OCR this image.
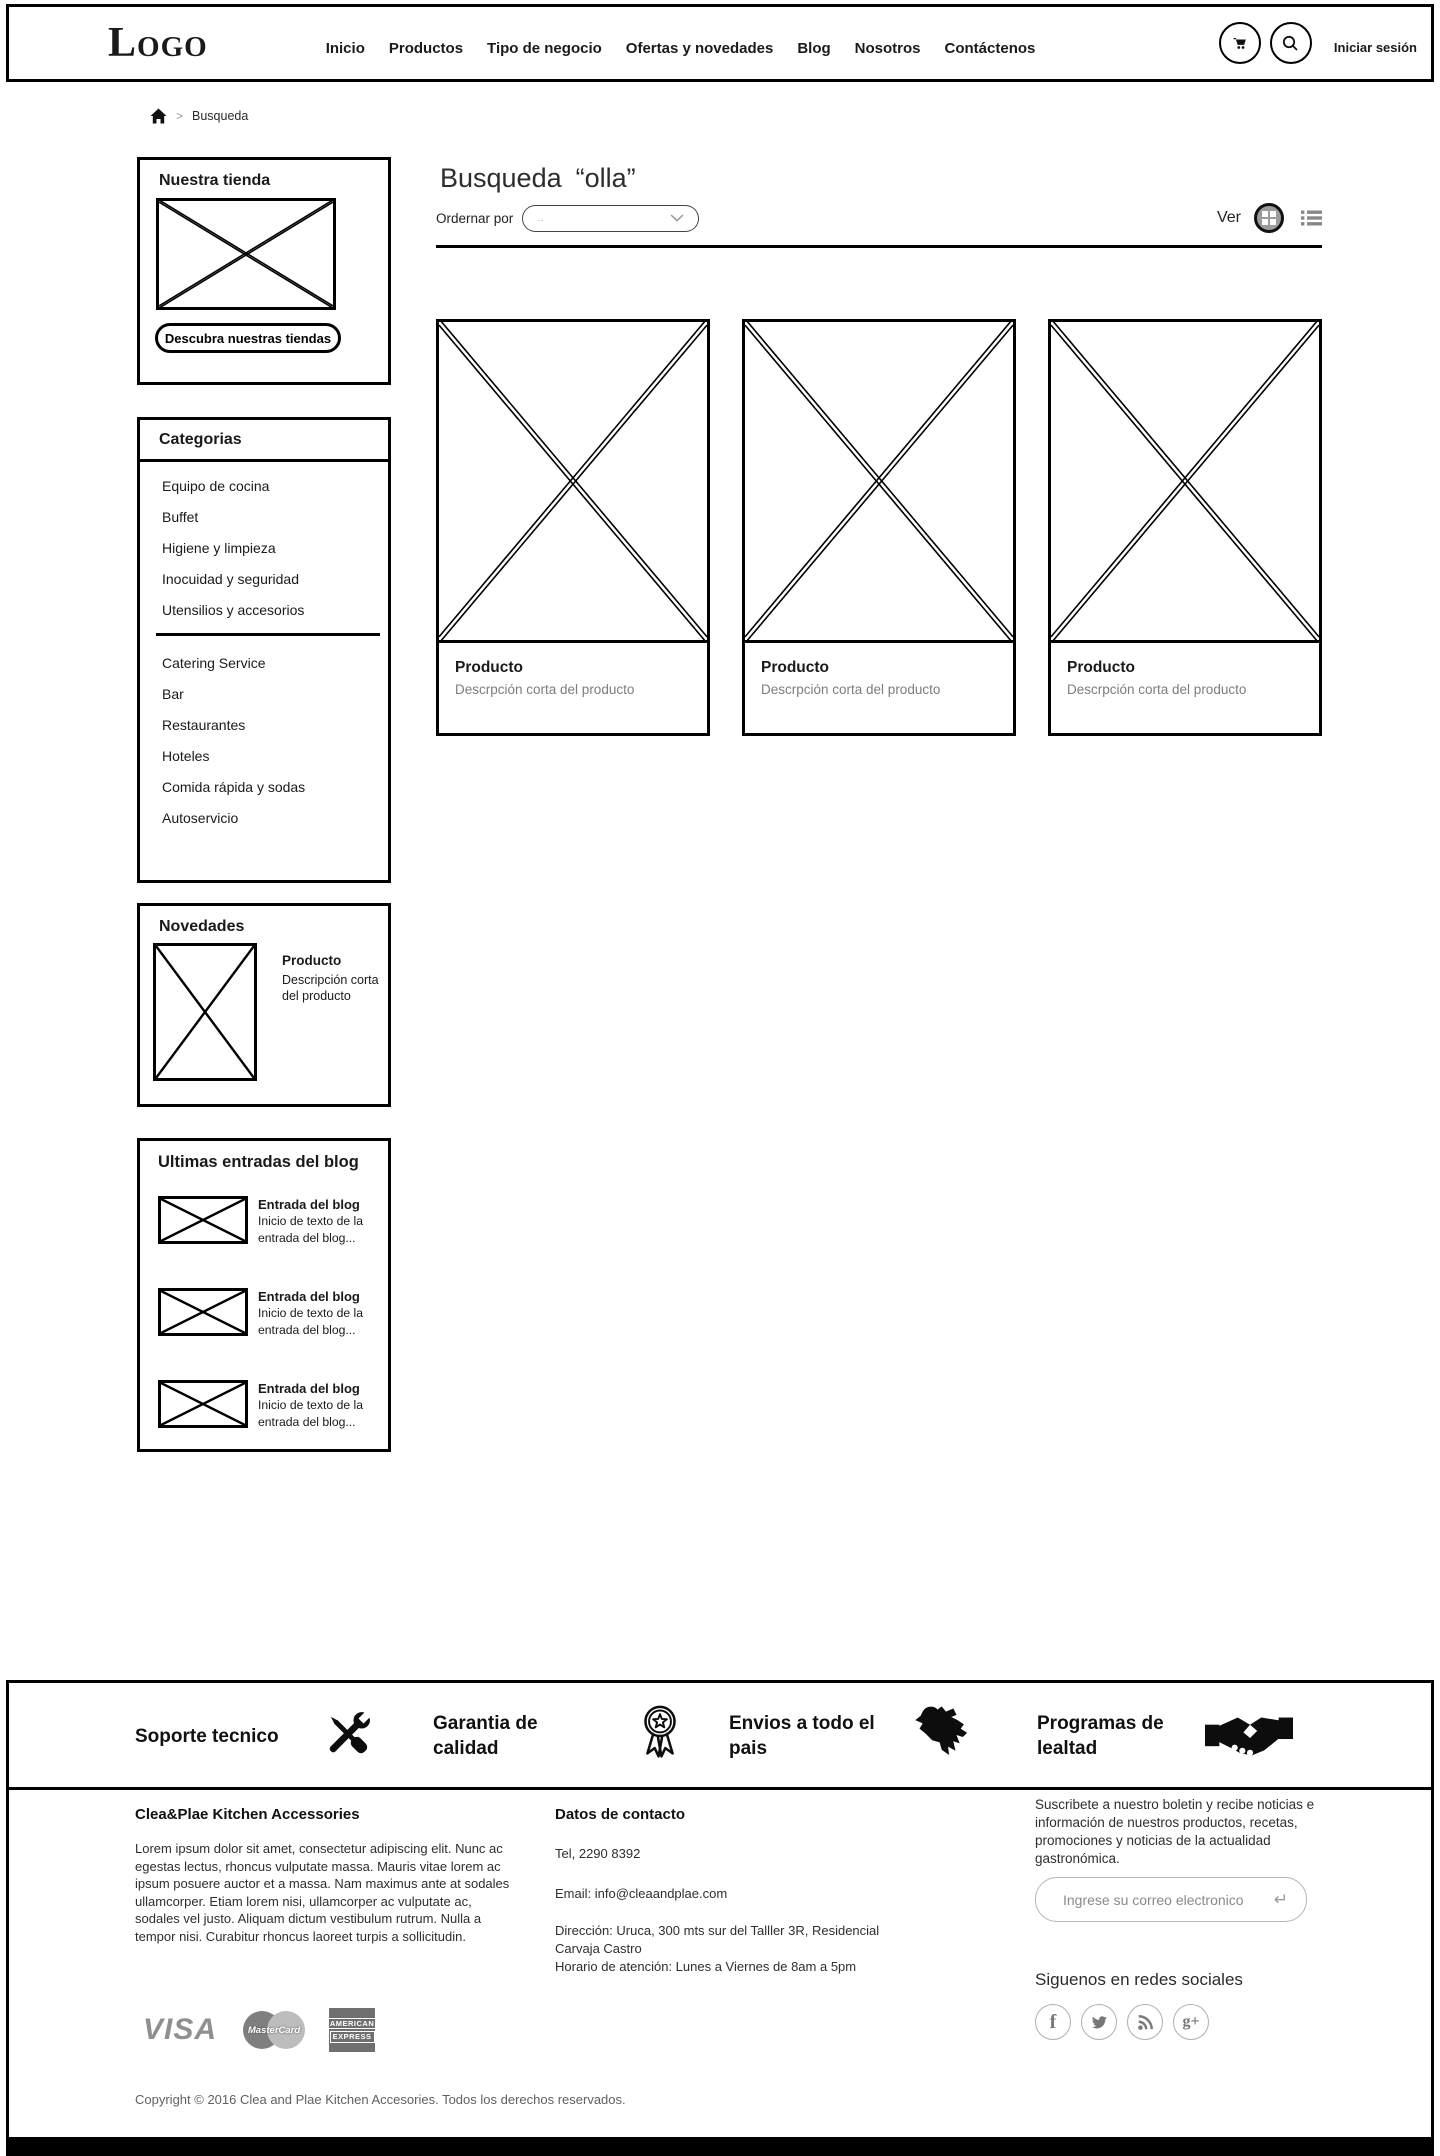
Logo	Inicio Productos Tipo de negocio Ofertas y novedades Blog Nosotros Contáctenos	Iniciar sesión
> Busqueda
Nuestra tienda
Descubra nuestras tiendas
Categorias
Equipo de cocina
Buffet
Higiene y limpieza
Inocuidad y seguridad
Utensilios y accesorios
Catering Service
Bar
Restaurantes
Hoteles
Comida rápida y sodas
Autoservicio
Novedades
Producto

Descripción corta del producto

Ultimas entradas del blog
Entrada del blog

Inicio de texto de la entrada del blog...

Entrada del blog

Inicio de texto de la entrada del blog...

Entrada del blog

Inicio de texto de la entrada del blog...

Busqueda “olla”
Ordernar por ..	Ver
Producto

Descrpción corta del producto

Producto

Descrpción corta del producto

Producto

Descrpción corta del producto

Soporte tecnico
Garantia de calidad
Envios a todo el pais
Programas de lealtad
Clea&Plae Kitchen Accessories

Lorem ipsum dolor sit amet, consectetur adipiscing elit. Nunc ac egestas lectus, rhoncus vulputate massa. Mauris vitae lorem ac ipsum posuere auctor et a massa. Nam maximus ante at sodales ullamcorper. Etiam lorem nisi, ullamcorper ac vulputate ac, sodales vel justo. Aliquam dictum vestibulum rutrum. Nulla a tempor nisi. Curabitur rhoncus laoreet turpis a sollicitudin.

Datos de contacto

Tel, 2290 8392

Email: info@cleaandplae.com

Dirección: Uruca, 300 mts sur del Talller 3R, Residencial Carvaja Castro

Horario de atención: Lunes a Viernes de 8am a 5pm

Suscribete a nuestro boletin y recibe noticias e información de nuestros productos, recetas, promociones y noticias de la actualidad gastronómica.

Ingrese su correo electronico
↵
Siguenos en redes sociales
f	g+
VISA	MasterCard
AMERICAN
EXPRESS
Copyright © 2016 Clea and Plae Kitchen Accesories. Todos los derechos reservados.
